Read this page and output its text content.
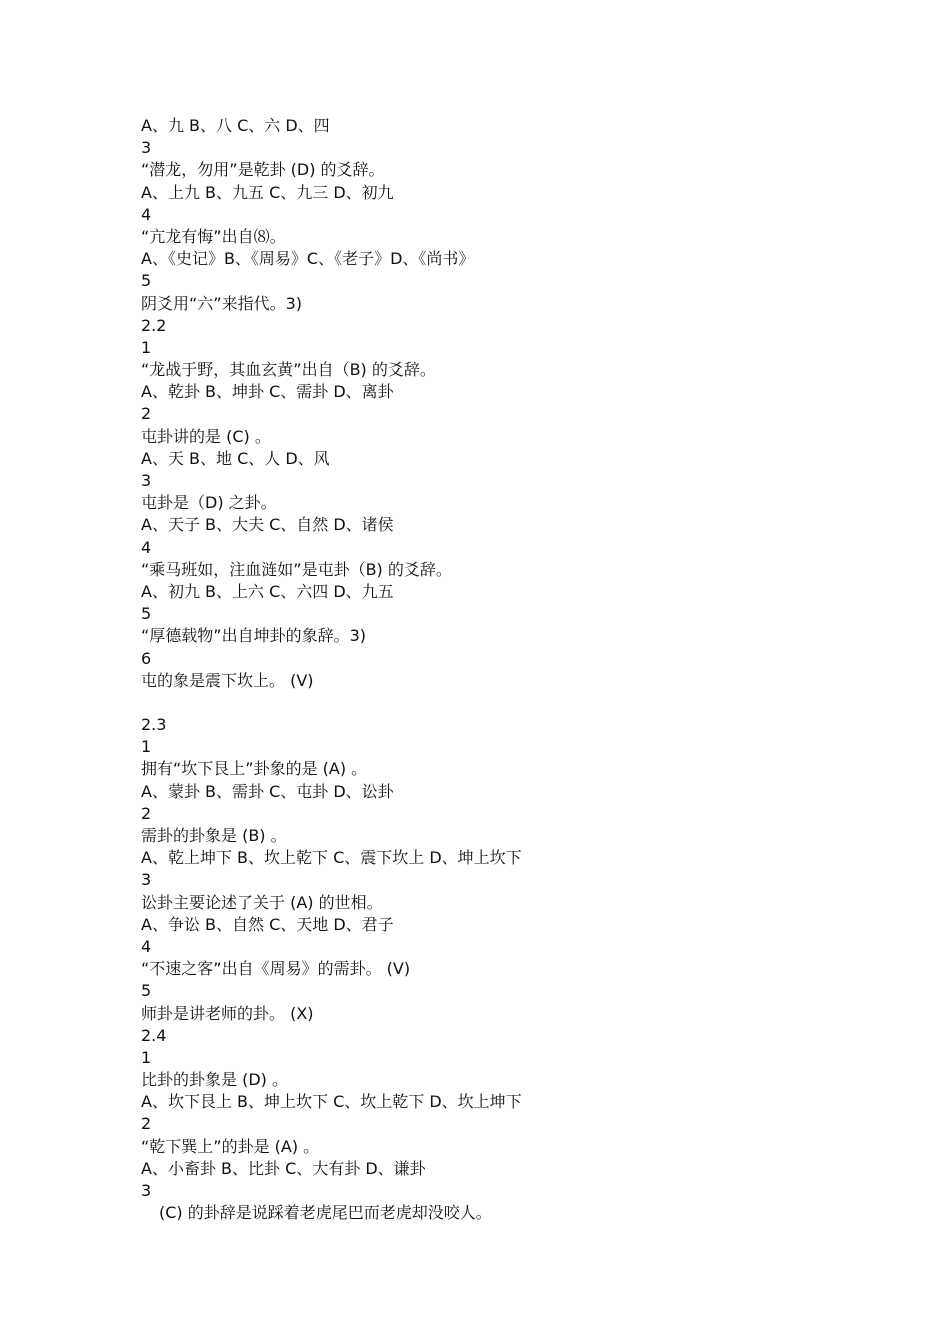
A、九 B、八 C、六 D、四
3
“潜龙，勿用”是乾卦 (D) 的爻辞。
A、上九 B、九五 C、九三 D、初九
4
“亢龙有悔”出自⑻。
A、《史记》B、《周易》C、《老子》D、《尚书》
5
阴爻用“六”来指代。3)
2.2
1
“龙战于野，其血玄黄”出自（B) 的爻辞。
A、乾卦 B、坤卦 C、需卦 D、离卦
2
屯卦讲的是 (C) 。
A、天 B、地 C、人 D、风
3
屯卦是（D) 之卦。
A、天子 B、大夫 C、自然 D、诸侯
4
“乘马班如，注血涟如”是屯卦（B) 的爻辞。
A、初九 B、上六 C、六四 D、九五
5
“厚德载物”出自坤卦的象辞。3)
6
屯的象是震下坎上。 (V)
2.3
1
拥有“坎下艮上”卦象的是 (A) 。
A、蒙卦 B、需卦 C、屯卦 D、讼卦
2
需卦的卦象是 (B) 。
A、乾上坤下 B、坎上乾下 C、震下坎上 D、坤上坎下
3
讼卦主要论述了关于 (A) 的世相。
A、争讼 B、自然 C、天地 D、君子
4
“不速之客”出自《周易》的需卦。 (V)
5
师卦是讲老师的卦。 (X)
2.4
1
比卦的卦象是 (D) 。
A、坎下艮上 B、坤上坎下 C、坎上乾下 D、坎上坤下
2
“乾下巽上”的卦是 (A) 。
A、小畜卦 B、比卦 C、大有卦 D、谦卦
3
(C) 的卦辞是说踩着老虎尾巴而老虎却没咬人。
